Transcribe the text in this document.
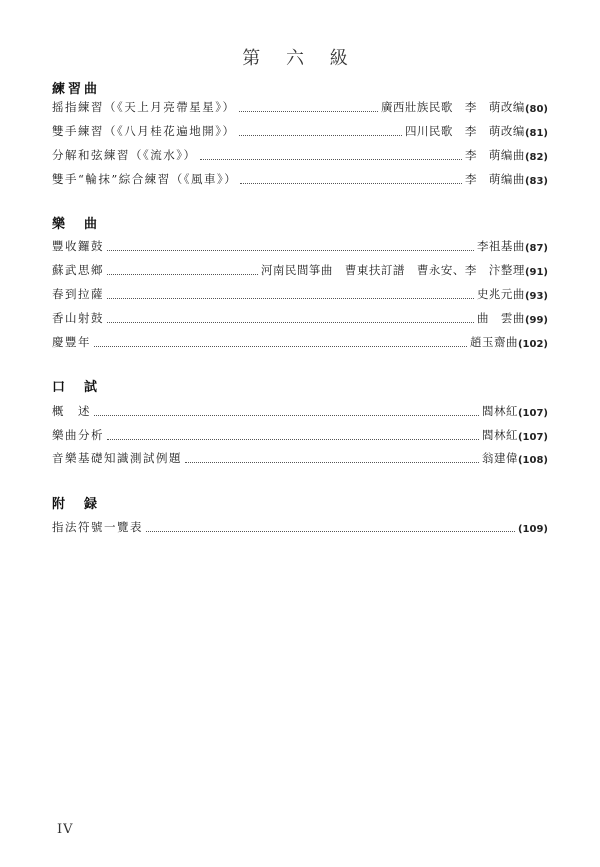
第 六 級
練習曲
摇指練習（《天上月亮帶星星》）	廣西壯族民歌　李　萌改编 (80)
雙手練習（《八月桂花遍地開》）	四川民歌　李　萌改编 (81)
分解和弦練習（《流水》）	李　萌编曲 (82)
雙手“輪抹”綜合練習（《風車》）	李　萌编曲 (83)
樂　曲
豐收鑼鼓	李祖基曲 (87)
蘇武思鄉	河南民間箏曲　曹東扶訂譜　曹永安、李　汴整理 (91)
春到拉薩	史兆元曲 (93)
香山射鼓	曲　雲曲 (99)
慶豐年	趙玉齋曲 (102)
口　試
概　述	閻林紅 (107)
樂曲分析	閻林紅 (107)
音樂基礎知識測試例題	翁建偉 (108)
附　録
指法符號一覽表	(109)
IV
